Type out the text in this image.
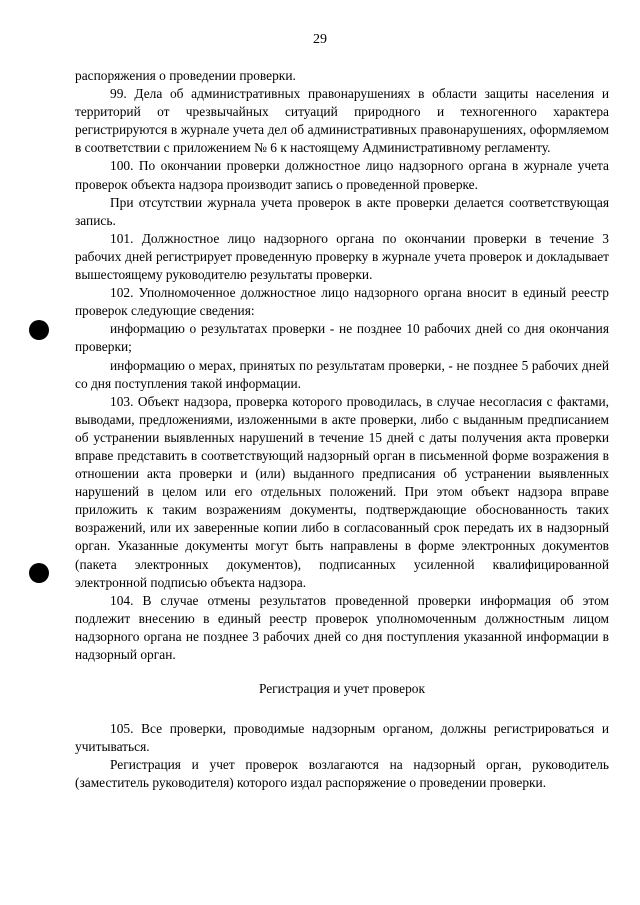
29

распоряжения о проведении проверки.

99. Дела об административных правонарушениях в области защиты населения и территорий от чрезвычайных ситуаций природного и техногенного характера регистрируются в журнале учета дел об административных правонарушениях, оформляемом в соответствии с приложением № 6 к настоящему Административному регламенту.

100. По окончании проверки должностное лицо надзорного органа в журнале учета проверок объекта надзора производит запись о проведенной проверке.

При отсутствии журнала учета проверок в акте проверки делается соответствующая запись.

101. Должностное лицо надзорного органа по окончании проверки в течение 3 рабочих дней регистрирует проведенную проверку в журнале учета проверок и докладывает вышестоящему руководителю результаты проверки.

102. Уполномоченное должностное лицо надзорного органа вносит в единый реестр проверок следующие сведения:

информацию о результатах проверки - не позднее 10 рабочих дней со дня окончания проверки;

информацию о мерах, принятых по результатам проверки, - не позднее 5 рабочих дней со дня поступления такой информации.

103. Объект надзора, проверка которого проводилась, в случае несогласия с фактами, выводами, предложениями, изложенными в акте проверки, либо с выданным предписанием об устранении выявленных нарушений в течение 15 дней с даты получения акта проверки вправе представить в соответствующий надзорный орган в письменной форме возражения в отношении акта проверки и (или) выданного предписания об устранении выявленных нарушений в целом или его отдельных положений. При этом объект надзора вправе приложить к таким возражениям документы, подтверждающие обоснованность таких возражений, или их заверенные копии либо в согласованный срок передать их в надзорный орган. Указанные документы могут быть направлены в форме электронных документов (пакета электронных документов), подписанных усиленной квалифицированной электронной подписью объекта надзора.

104. В случае отмены результатов проведенной проверки информация об этом подлежит внесению в единый реестр проверок уполномоченным должностным лицом надзорного органа не позднее 3 рабочих дней со дня поступления указанной информации в надзорный орган.

Регистрация и учет проверок

105. Все проверки, проводимые надзорным органом, должны регистрироваться и учитываться.

Регистрация и учет проверок возлагаются на надзорный орган, руководитель (заместитель руководителя) которого издал распоряжение о проведении проверки.
